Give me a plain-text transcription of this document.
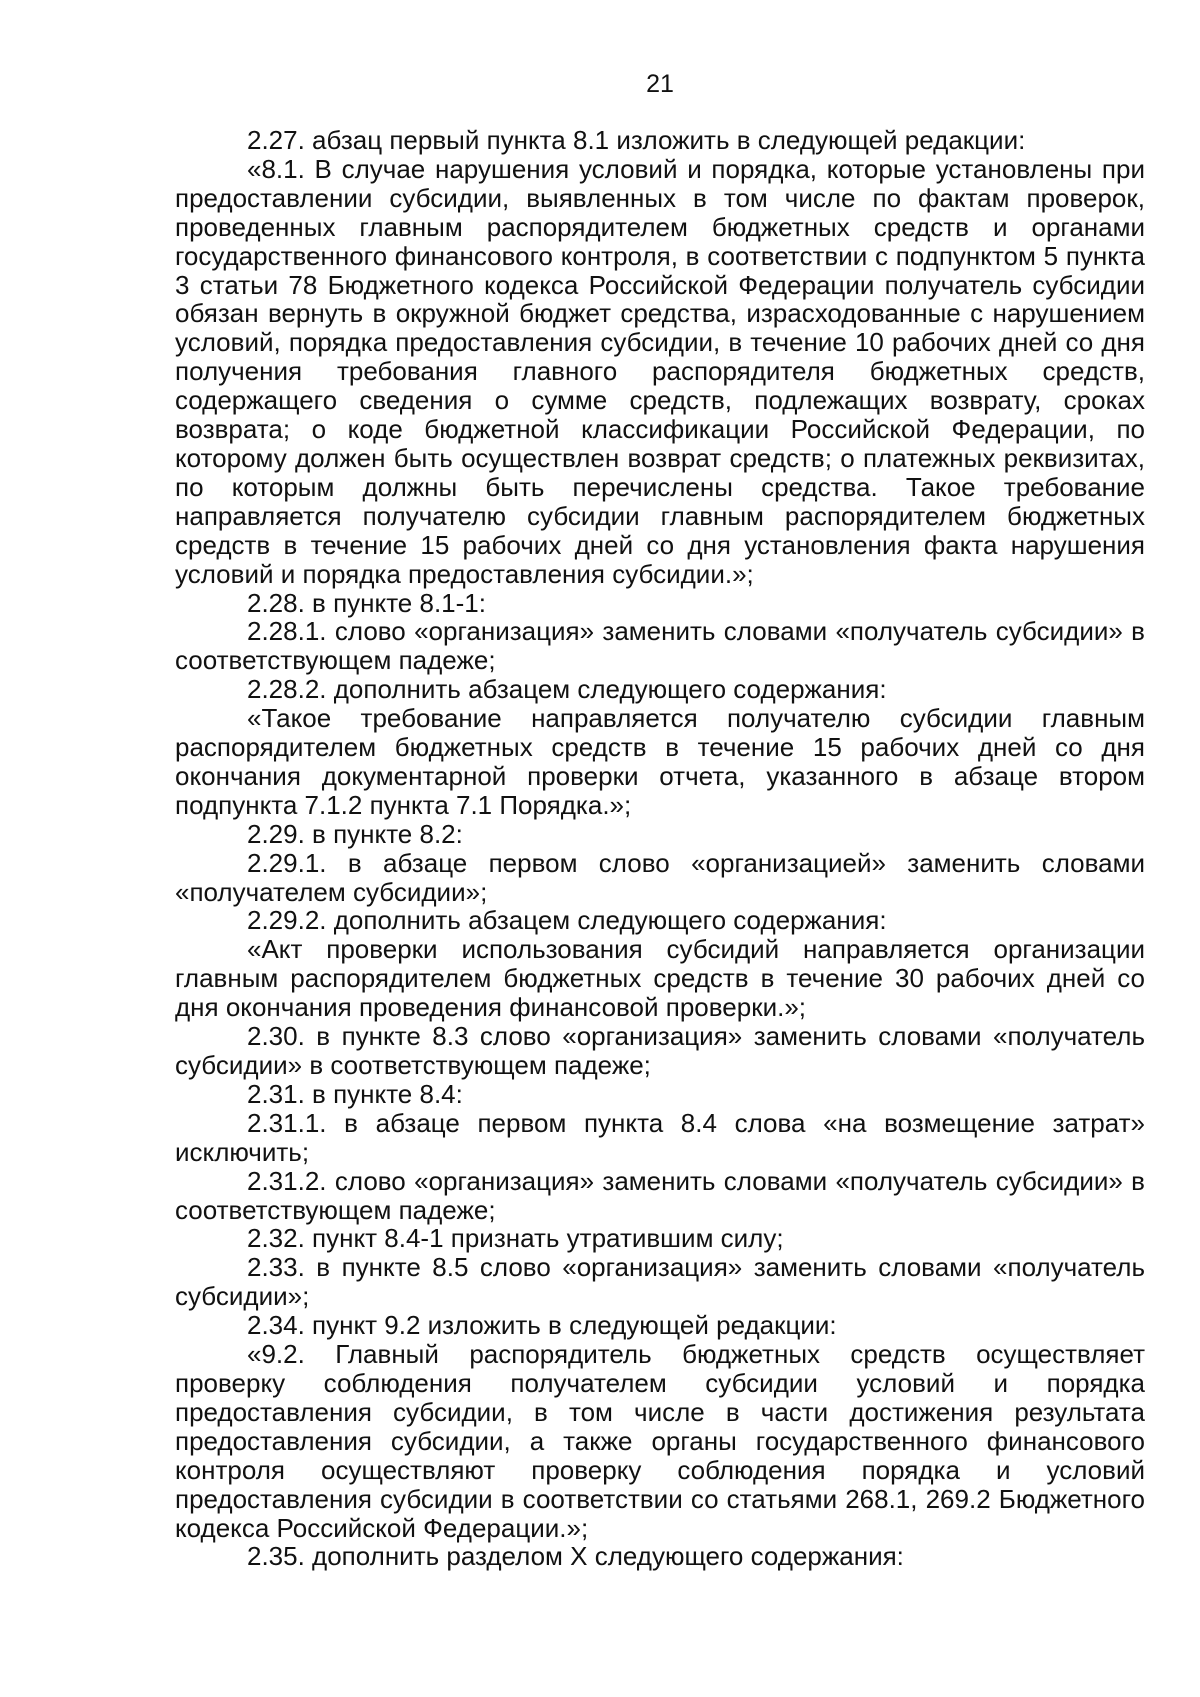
21

2.27. абзац первый пункта 8.1 изложить в следующей редакции:

«8.1. В случае нарушения условий и порядка, которые установлены при предоставлении субсидии, выявленных в том числе по фактам проверок, проведенных главным распорядителем бюджетных средств и органами государственного финансового контроля, в соответствии с подпунктом 5 пункта 3 статьи 78 Бюджетного кодекса Российской Федерации получатель субсидии обязан вернуть в окружной бюджет средства, израсходованные с нарушением условий, порядка предоставления субсидии, в течение 10 рабочих дней со дня получения требования главного распорядителя бюджетных средств, содержащего сведения о сумме средств, подлежащих возврату, сроках возврата; о коде бюджетной классификации Российской Федерации, по которому должен быть осуществлен возврат средств; о платежных реквизитах, по которым должны быть перечислены средства. Такое требование направляется получателю субсидии главным распорядителем бюджетных средств в течение 15 рабочих дней со дня установления факта нарушения условий и порядка предоставления субсидии.»;

2.28. в пункте 8.1-1:

2.28.1. слово «организация» заменить словами «получатель субсидии» в соответствующем падеже;

2.28.2. дополнить абзацем следующего содержания:

«Такое требование направляется получателю субсидии главным распорядителем бюджетных средств в течение 15 рабочих дней со дня окончания документарной проверки отчета, указанного в абзаце втором подпункта 7.1.2 пункта 7.1 Порядка.»;

2.29. в пункте 8.2:

2.29.1. в абзаце первом слово «организацией» заменить словами «получателем субсидии»;

2.29.2. дополнить абзацем следующего содержания:

«Акт проверки использования субсидий направляется организации главным распорядителем бюджетных средств в течение 30 рабочих дней со дня окончания проведения финансовой проверки.»;

2.30. в пункте 8.3 слово «организация» заменить словами «получатель субсидии» в соответствующем падеже;

2.31. в пункте 8.4:

2.31.1. в абзаце первом пункта 8.4 слова «на возмещение затрат» исключить;

2.31.2. слово «организация» заменить словами «получатель субсидии» в соответствующем падеже;

2.32. пункт 8.4-1 признать утратившим силу;

2.33. в пункте 8.5 слово «организация» заменить словами «получатель субсидии»;

2.34. пункт 9.2 изложить в следующей редакции:

«9.2. Главный распорядитель бюджетных средств осуществляет проверку соблюдения получателем субсидии условий и порядка предоставления субсидии, в том числе в части достижения результата предоставления субсидии, а также органы государственного финансового контроля осуществляют проверку соблюдения порядка и условий предоставления субсидии в соответствии со статьями 268.1, 269.2 Бюджетного кодекса Российской Федерации.»;

2.35. дополнить разделом X следующего содержания:
